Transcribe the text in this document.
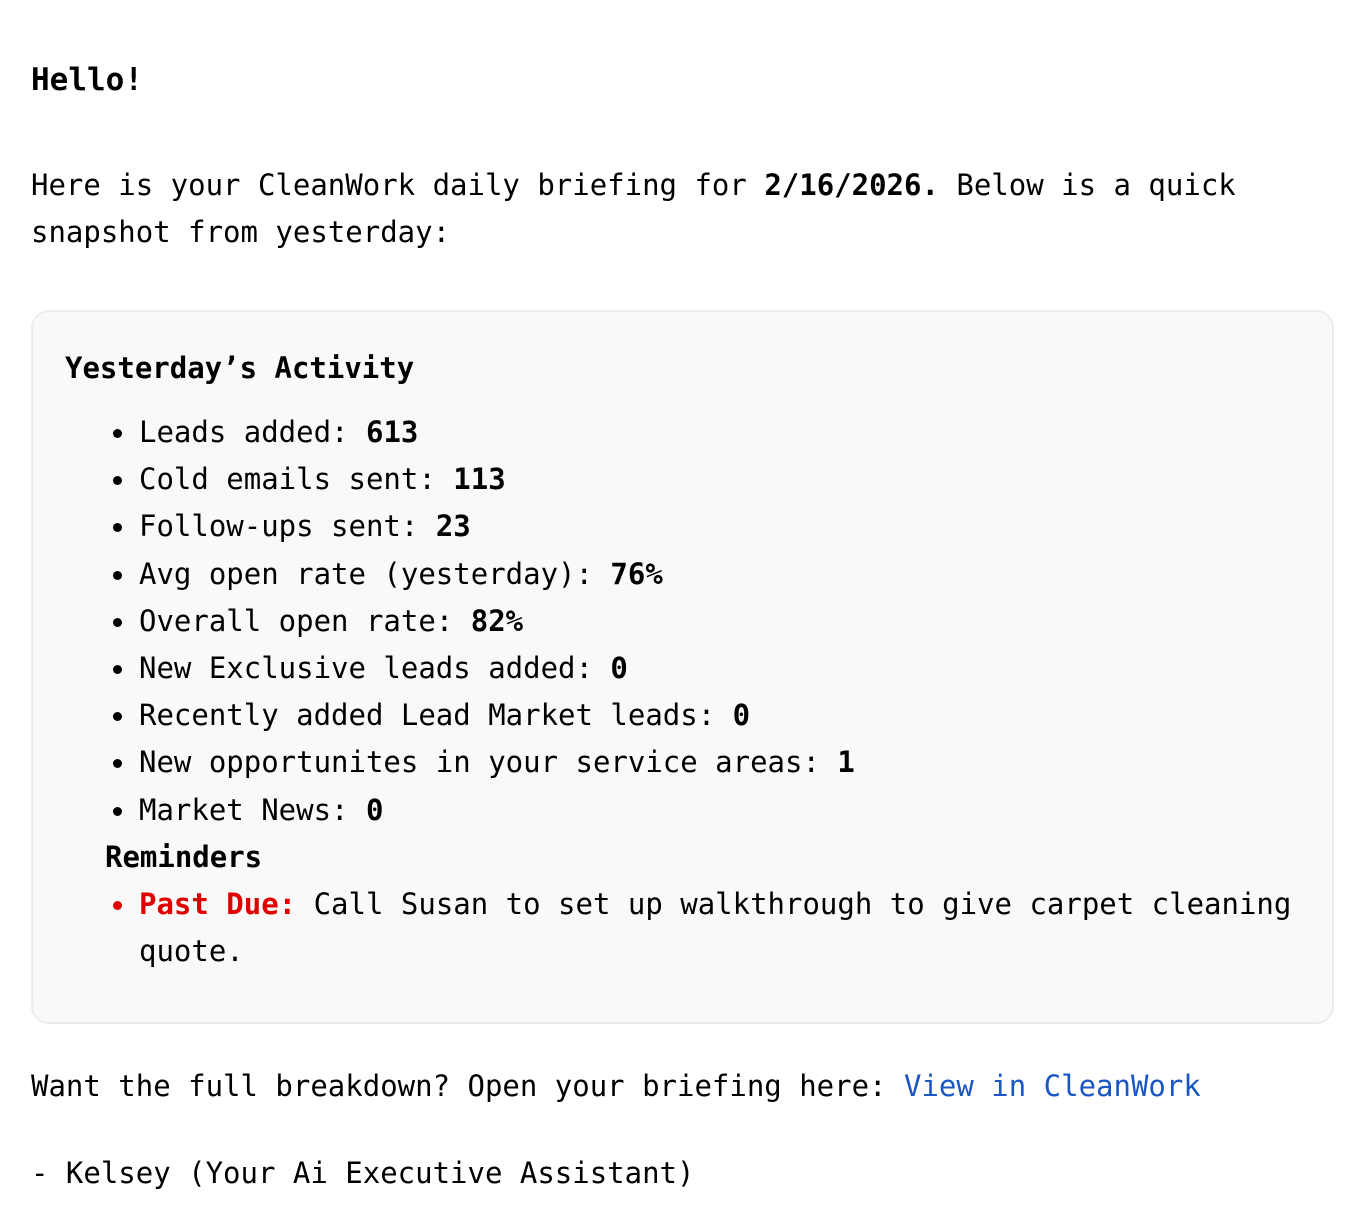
Hello!

Here is your CleanWork daily briefing for 2/16/2026. Below is a quick snapshot from yesterday:

Yesterday’s Activity

Leads added: 613
Cold emails sent: 113
Follow-ups sent: 23
Avg open rate (yesterday): 76%
Overall open rate: 82%
New Exclusive leads added: 0
Recently added Lead Market leads: 0
New opportunites in your service areas: 1
Market News: 0

Reminders

Past Due: Call Susan to set up walkthrough to give carpet cleaning quote.

Want the full breakdown? Open your briefing here: View in CleanWork

- Kelsey (Your Ai Executive Assistant)
